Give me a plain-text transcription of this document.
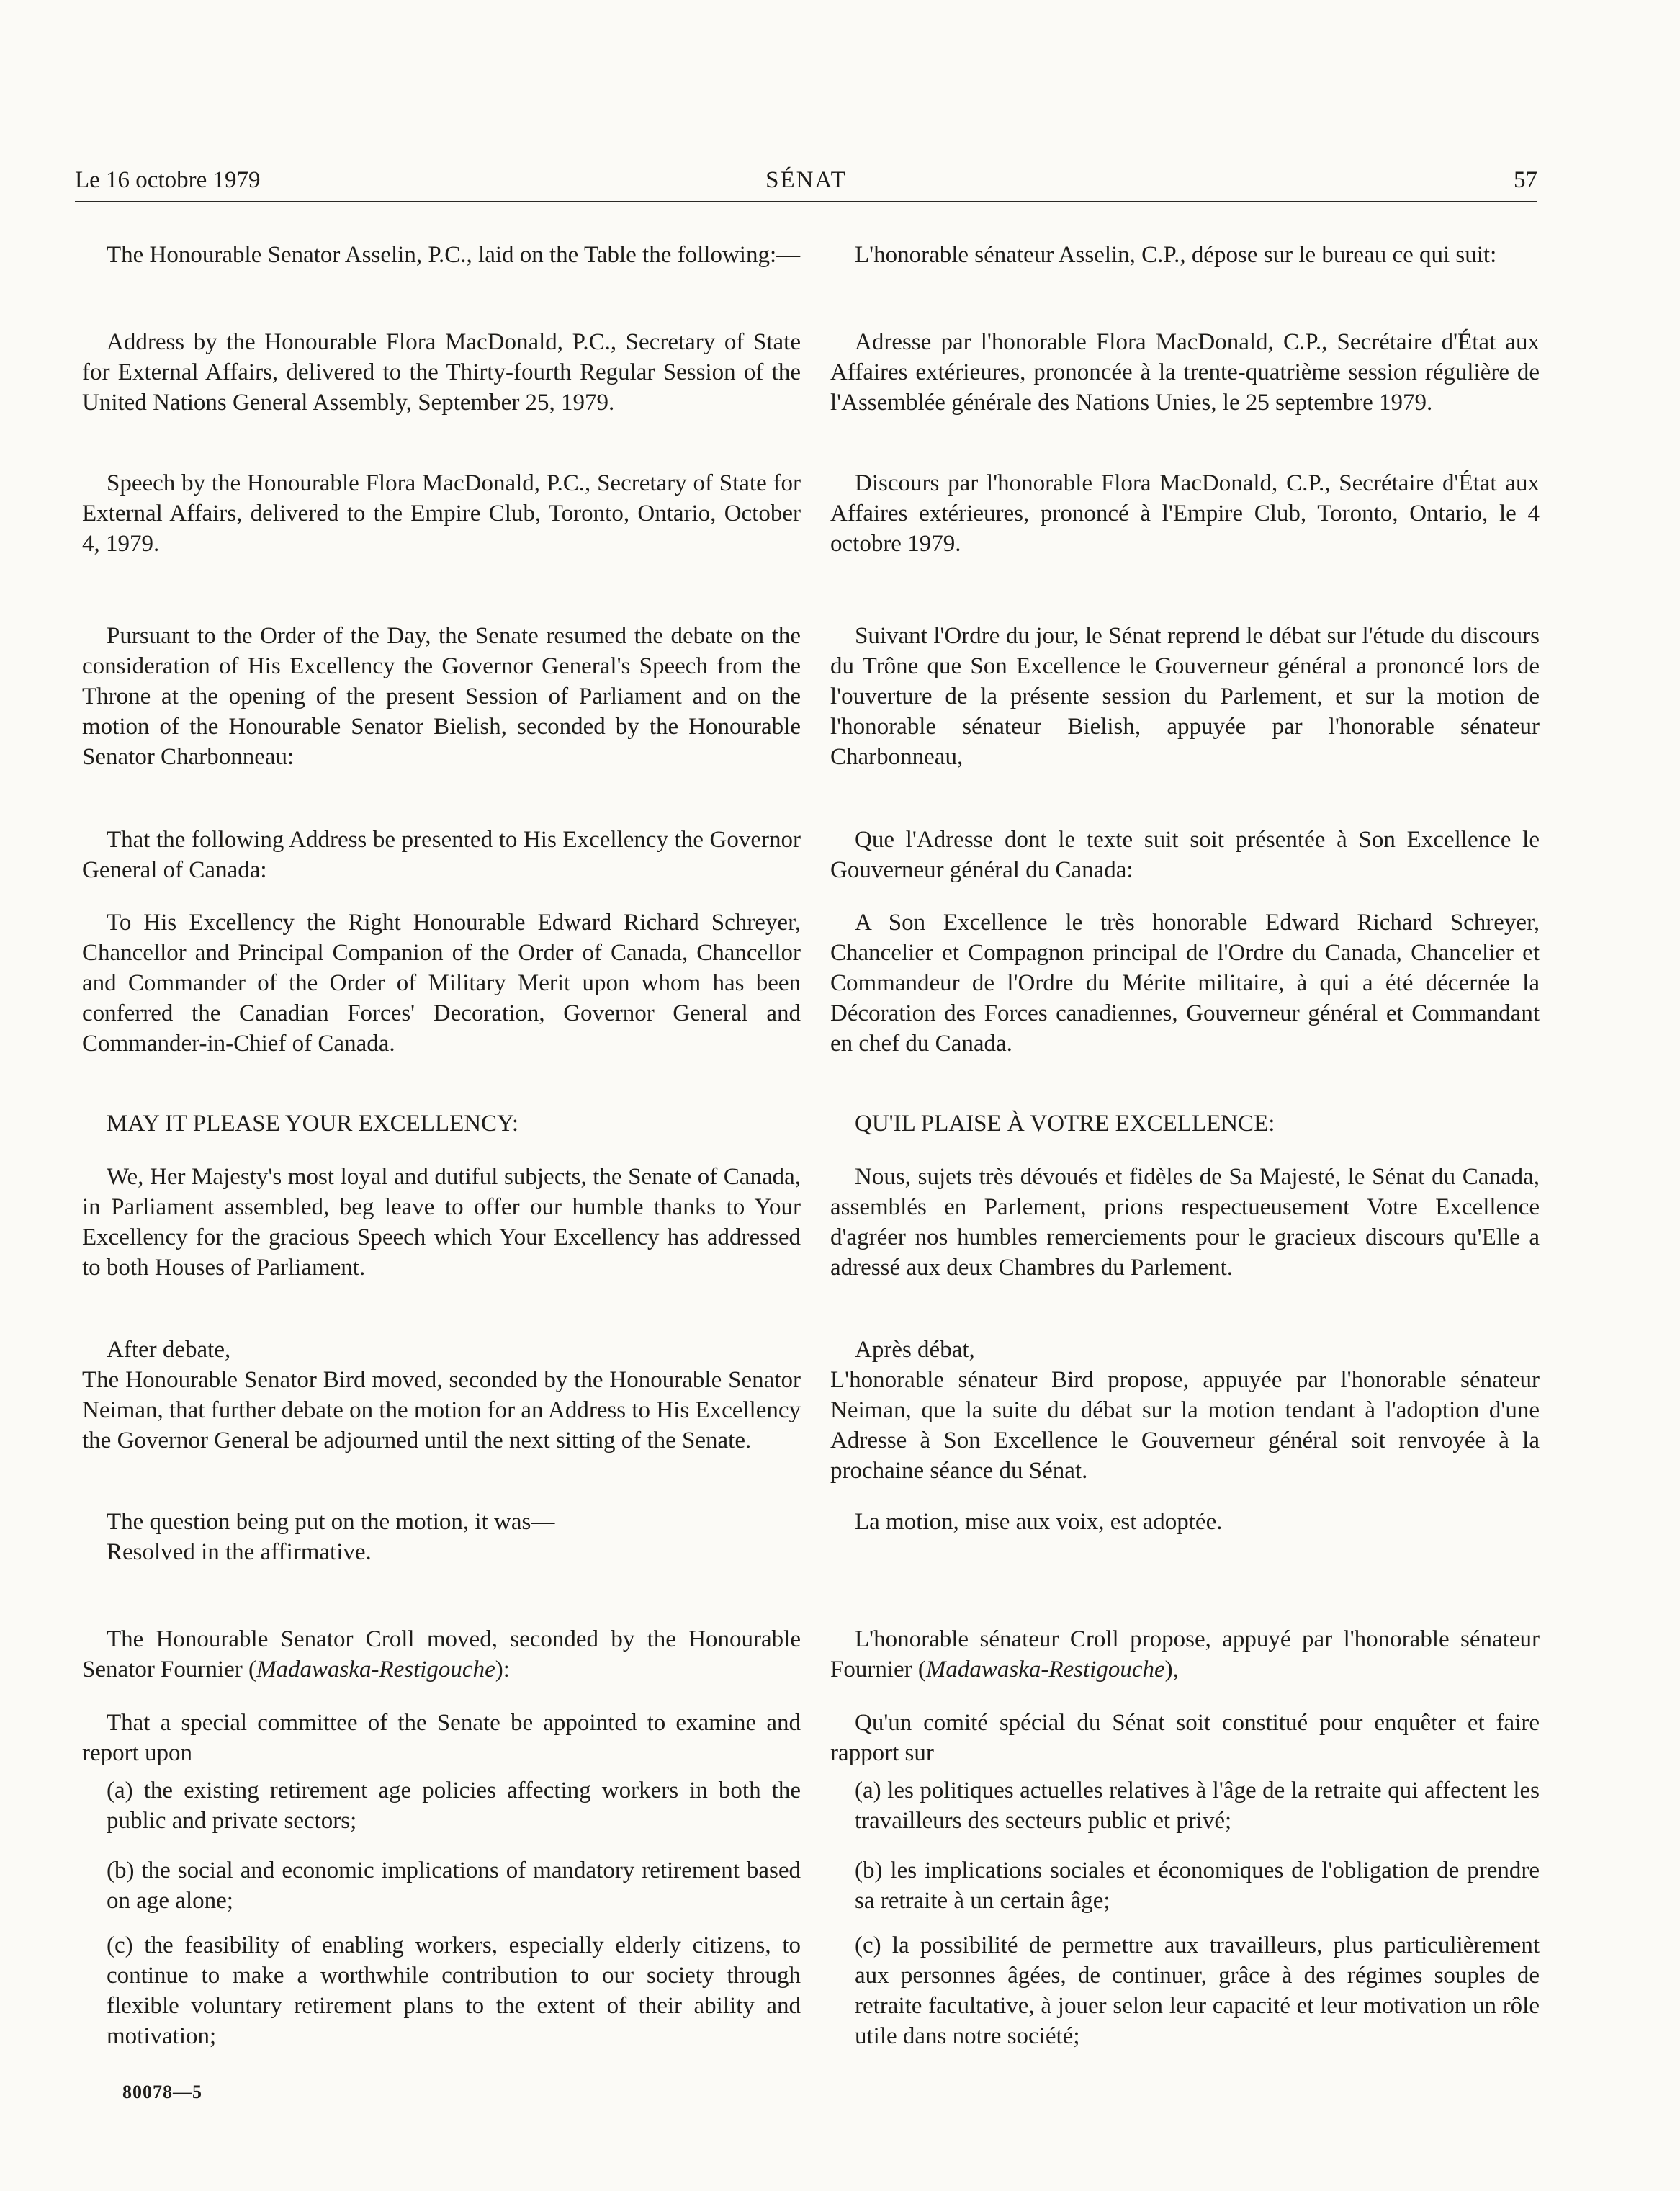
Le 16 octobre 1979	SÉNAT	57

The Honourable Senator Asselin, P.C., laid on the Table the following:—

Address by the Honourable Flora MacDonald, P.C., Secretary of State for External Affairs, delivered to the Thirty-fourth Regular Session of the United Nations General Assembly, September 25, 1979.

Speech by the Honourable Flora MacDonald, P.C., Secretary of State for External Affairs, delivered to the Empire Club, Toronto, Ontario, October 4, 1979.

Pursuant to the Order of the Day, the Senate resumed the debate on the consideration of His Excellency the Governor General's Speech from the Throne at the opening of the present Session of Parliament and on the motion of the Honourable Senator Bielish, seconded by the Honourable Senator Charbonneau:

That the following Address be presented to His Excellency the Governor General of Canada:

To His Excellency the Right Honourable Edward Richard Schreyer, Chancellor and Principal Companion of the Order of Canada, Chancellor and Commander of the Order of Military Merit upon whom has been conferred the Canadian Forces' Decoration, Governor General and Commander-in-Chief of Canada.

MAY IT PLEASE YOUR EXCELLENCY:

We, Her Majesty's most loyal and dutiful subjects, the Senate of Canada, in Parliament assembled, beg leave to offer our humble thanks to Your Excellency for the gracious Speech which Your Excellency has addressed to both Houses of Parliament.

After debate,

The Honourable Senator Bird moved, seconded by the Honourable Senator Neiman, that further debate on the motion for an Address to His Excellency the Governor General be adjourned until the next sitting of the Senate.

The question being put on the motion, it was—

Resolved in the affirmative.

The Honourable Senator Croll moved, seconded by the Honourable Senator Fournier (Madawaska-Restigouche):

That a special committee of the Senate be appointed to examine and report upon

(a) the existing retirement age policies affecting workers in both the public and private sectors;

(b) the social and economic implications of mandatory retirement based on age alone;

(c) the feasibility of enabling workers, especially elderly citizens, to continue to make a worthwhile contribution to our society through flexible voluntary retirement plans to the extent of their ability and motivation;

L'honorable sénateur Asselin, C.P., dépose sur le bureau ce qui suit:

Adresse par l'honorable Flora MacDonald, C.P., Secrétaire d'État aux Affaires extérieures, prononcée à la trente-quatrième session régulière de l'Assemblée générale des Nations Unies, le 25 septembre 1979.

Discours par l'honorable Flora MacDonald, C.P., Secrétaire d'État aux Affaires extérieures, prononcé à l'Empire Club, Toronto, Ontario, le 4 octobre 1979.

Suivant l'Ordre du jour, le Sénat reprend le débat sur l'étude du discours du Trône que Son Excellence le Gouverneur général a prononcé lors de l'ouverture de la présente session du Parlement, et sur la motion de l'honorable sénateur Bielish, appuyée par l'honorable sénateur Charbonneau,

Que l'Adresse dont le texte suit soit présentée à Son Excellence le Gouverneur général du Canada:

A Son Excellence le très honorable Edward Richard Schreyer, Chancelier et Compagnon principal de l'Ordre du Canada, Chancelier et Commandeur de l'Ordre du Mérite militaire, à qui a été décernée la Décoration des Forces canadiennes, Gouverneur général et Commandant en chef du Canada.

QU'IL PLAISE À VOTRE EXCELLENCE:

Nous, sujets très dévoués et fidèles de Sa Majesté, le Sénat du Canada, assemblés en Parlement, prions respectueusement Votre Excellence d'agréer nos humbles remerciements pour le gracieux discours qu'Elle a adressé aux deux Chambres du Parlement.

Après débat,

L'honorable sénateur Bird propose, appuyée par l'honorable sénateur Neiman, que la suite du débat sur la motion tendant à l'adoption d'une Adresse à Son Excellence le Gouverneur général soit renvoyée à la prochaine séance du Sénat.

La motion, mise aux voix, est adoptée.

L'honorable sénateur Croll propose, appuyé par l'honorable sénateur Fournier (Madawaska-Restigouche),

Qu'un comité spécial du Sénat soit constitué pour enquêter et faire rapport sur

(a) les politiques actuelles relatives à l'âge de la retraite qui affectent les travailleurs des secteurs public et privé;

(b) les implications sociales et économiques de l'obligation de prendre sa retraite à un certain âge;

(c) la possibilité de permettre aux travailleurs, plus particulièrement aux personnes âgées, de continuer, grâce à des régimes souples de retraite facultative, à jouer selon leur capacité et leur motivation un rôle utile dans notre société;

80078—5
